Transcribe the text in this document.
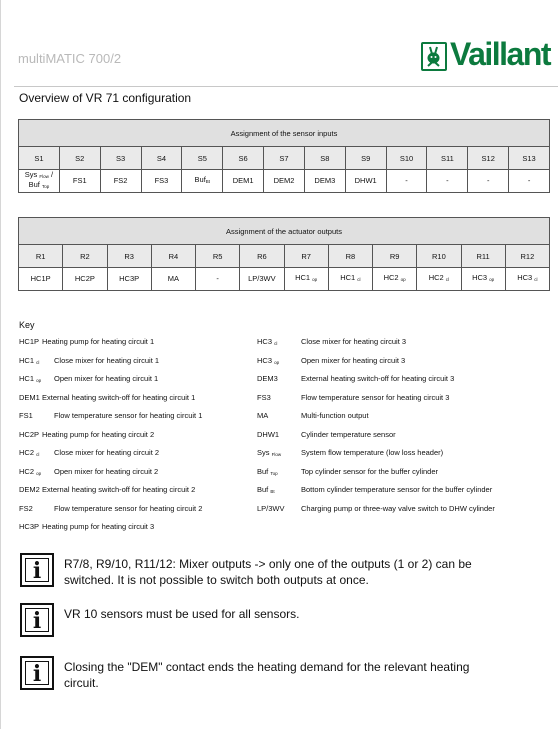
multiMATIC 700/2	Vaillant
Overview of VR 71 configuration
Assignment of the sensor inputs												
S1	S2	S3	S4	S5	S6	S7	S8	S9	S10	S11	S12	S13
Sys $_{Flow}$ /
Buf $_{Top}$	FS1	FS2	FS3	Buf$_{Bt}$	DEM1	DEM2	DEM3	DHW1	-	-	-	-
Assignment of the actuator outputs											
R1	R2	R3	R4	R5	R6	R7	R8	R9	R10	R11	R12
HC1P	HC2P	HC3P	MA	-	LP/3WV	HC1 $_{op}$	HC1 $_{cl}$	HC2 $_{op}$	HC2 $_{cl}$	HC3 $_{op}$	HC3 $_{cl}$
Key
HC1P Heating pump for heating circuit 1
HC1 $_{cl}$ Close mixer for heating circuit 1
HC1 $_{op}$ Open mixer for heating circuit 1
DEM1 External heating switch-off for heating circuit 1
FS1	Flow temperature sensor for heating circuit 1
HC2P Heating pump for heating circuit 2
HC2 $_{cl}$ Close mixer for heating circuit 2
HC2 $_{op}$ Open mixer for heating circuit 2
DEM2 External heating switch-off for heating circuit 2
FS2	Flow temperature sensor for heating circuit 2
HC3P Heating pump for heating circuit 3
HC3 $_{cl}$	Close mixer for heating circuit 3
HC3 $_{op}$	Open mixer for heating circuit 3
DEM3	External heating switch-off for heating circuit 3
FS3	Flow temperature sensor for heating circuit 3
MA	Multi-function output
DHW1	Cylinder temperature sensor
Sys $_{Flow}$	System flow temperature (low loss header)
Buf $_{Top}$	Top cylinder sensor for the buffer cylinder
Buf $_{Bt}$	Bottom cylinder temperature sensor for the buffer cylinder
LP/3WV Charging pump or three-way valve switch to DHW cylinder
i	R7/8, R9/10, R11/12: Mixer outputs -> only one of the outputs (1 or 2) can be switched. It is not possible to switch both outputs at once.
i	VR 10 sensors must be used for all sensors.
i	Closing the "DEM" contact ends the heating demand for the relevant heating circuit.
